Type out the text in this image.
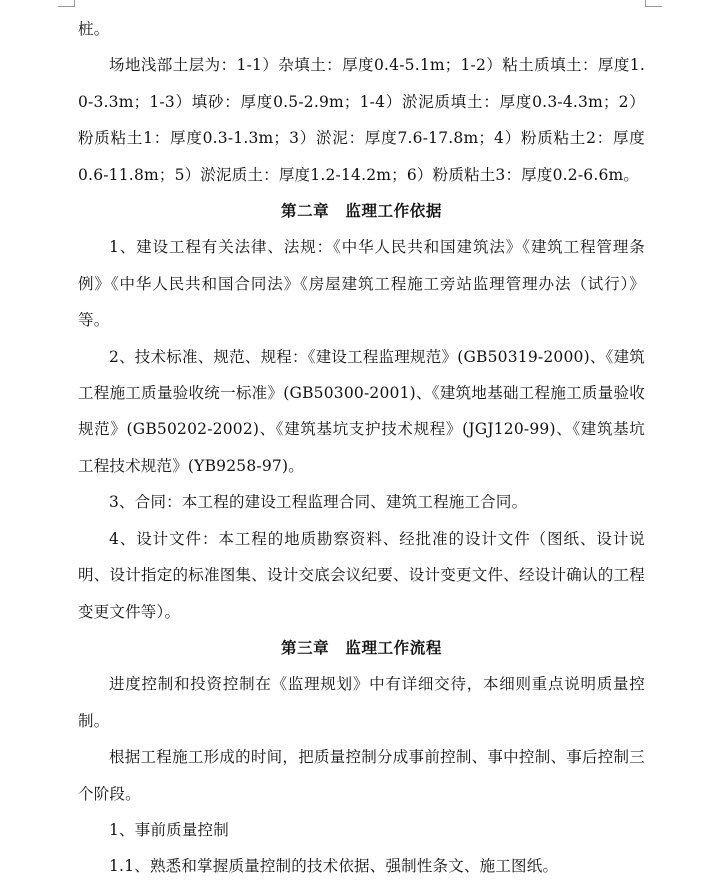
桩。

场地浅部土层为：1-1）杂填土：厚度0.4-5.1m；1-2）粘土质填土：厚度1.0-3.3m；1-3）填砂：厚度0.5-2.9m；1-4）淤泥质填土：厚度0.3-4.3m；2）粉质粘土1：厚度0.3-1.3m；3）淤泥：厚度7.6-17.8m；4）粉质粘土2：厚度0.6-11.8m；5）淤泥质土：厚度1.2-14.2m；6）粉质粘土3：厚度0.2-6.6m。

第二章　监理工作依据

1、建设工程有关法律、法规：《中华人民共和国建筑法》《建筑工程管理条例》《中华人民共和国合同法》《房屋建筑工程施工旁站监理管理办法（试行）》等。

2、技术标准、规范、规程：《建设工程监理规范》(GB50319-2000)、《建筑工程施工质量验收统一标准》(GB50300-2001)、《建筑地基础工程施工质量验收规范》(GB50202-2002)、《建筑基坑支护技术规程》(JGJ120-99)、《建筑基坑工程技术规范》(YB9258-97)。

3、合同：本工程的建设工程监理合同、建筑工程施工合同。

4、设计文件：本工程的地质勘察资料、经批准的设计文件（图纸、设计说明、设计指定的标准图集、设计交底会议纪要、设计变更文件、经设计确认的工程变更文件等）。

第三章　监理工作流程

进度控制和投资控制在《监理规划》中有详细交待，本细则重点说明质量控制。

根据工程施工形成的时间，把质量控制分成事前控制、事中控制、事后控制三个阶段。

1、事前质量控制

1.1、熟悉和掌握质量控制的技术依据、强制性条文、施工图纸。
